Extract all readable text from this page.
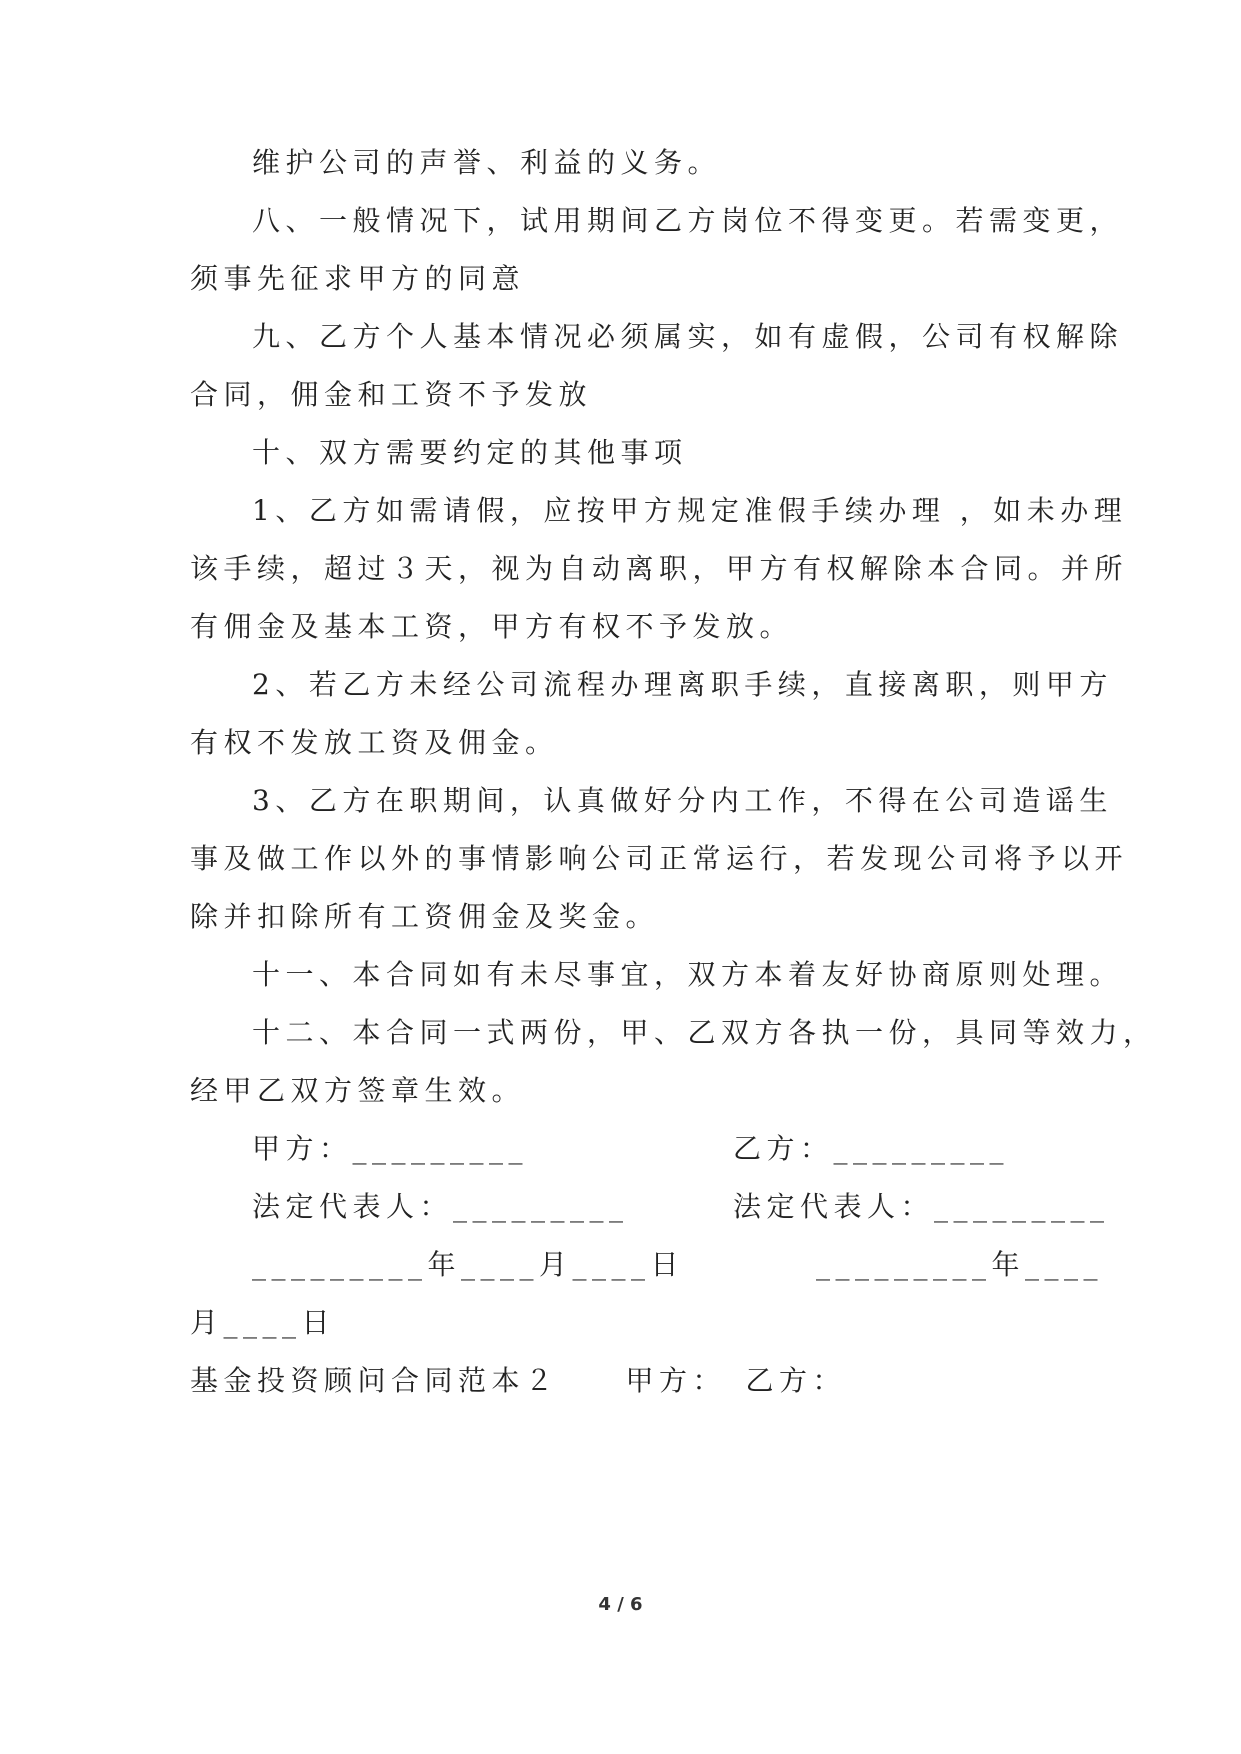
维护公司的声誉、利益的义务。
八、一般情况下，试用期间乙方岗位不得变更。若需变更，
须事先征求甲方的同意
九、乙方个人基本情况必须属实，如有虚假，公司有权解除
合同，佣金和工资不予发放
十、双方需要约定的其他事项
1、乙方如需请假，应按甲方规定准假手续办理 ，如未办理
该手续，超过３天，视为自动离职，甲方有权解除本合同。并所
有佣金及基本工资，甲方有权不予发放。
2、若乙方未经公司流程办理离职手续，直接离职，则甲方
有权不发放工资及佣金。
3、乙方在职期间，认真做好分内工作，不得在公司造谣生
事及做工作以外的事情影响公司正常运行，若发现公司将予以开
除并扣除所有工资佣金及奖金。
十一、本合同如有未尽事宜，双方本着友好协商原则处理。
十二、本合同一式两份，甲、乙双方各执一份，具同等效力，
经甲乙双方签章生效。
甲方：_________	乙方：_________
法定代表人：_________	法定代表人：_________
_________年____月____日	_________年____
月____日
基金投资顾问合同范本２　　甲方：　乙方：
4 / 6
